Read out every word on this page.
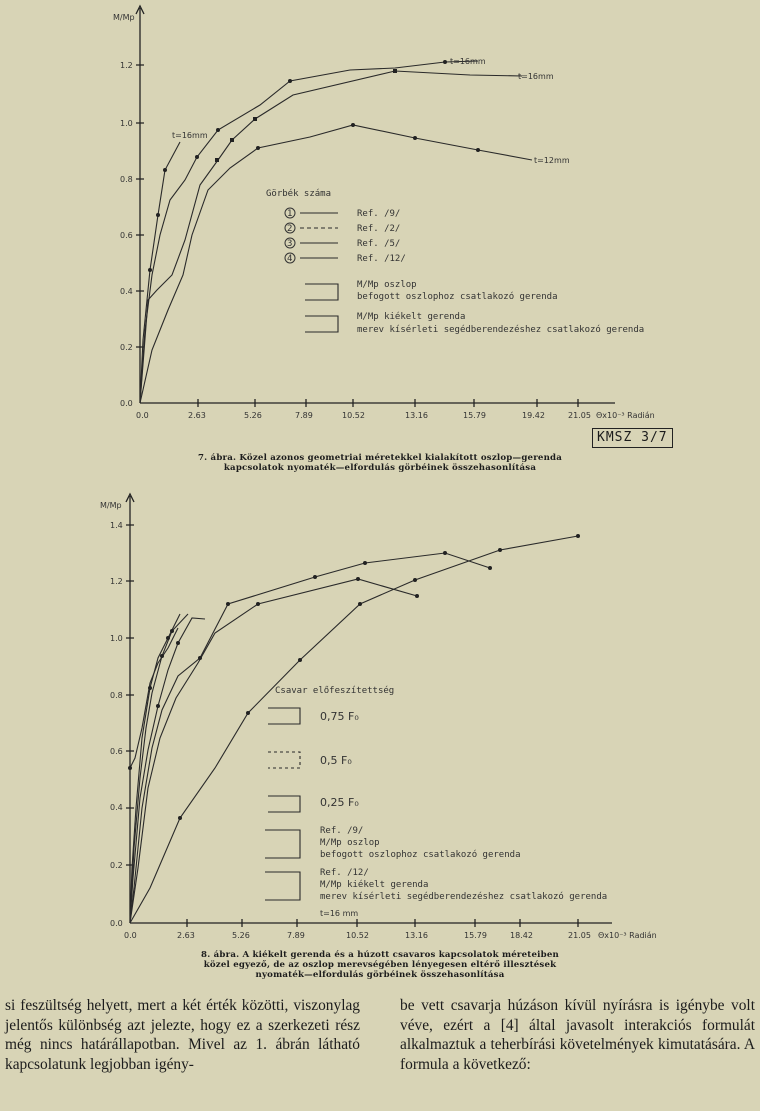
M/Mp
0.0
0.2
0.4
0.6
0.8
1.0
1.2
0.0	2.63	5.26	7.89	10.52	13.16	15.79	19.42	21.05 Θx10⁻³ Radián
t=16mm
t=16mm
t=16mm
t=12mm
Görbék száma
1	Ref. /9/
2	Ref. /2/
3	Ref. /5/
4	Ref. /12/
M/Mp oszlop
befogott oszlophoz csatlakozó gerenda
M/Mp kiékelt gerenda
merev kísérleti segédberendezéshez csatlakozó gerenda
KMSZ 3/7
7. ábra. Közel azonos geometriai méretekkel kialakított oszlop—gerenda kapcsolatok nyomaték—elfordulás görbéinek összehasonlítása
M/Mp
0.0
0.2
0.4
0.6
0.8
1.0
1.2
1.4
0.0	2.63	5.26	7.89	10.52	13.16	15.79	18.42	21.05 Θx10⁻³ Radián
Csavar előfeszítettség
0,75 F₀
0,5 F₀
0,25 F₀
Ref. /9/
M/Mp oszlop
befogott oszlophoz csatlakozó gerenda
Ref. /12/
M/Mp kiékelt gerenda
merev kísérleti segédberendezéshez csatlakozó gerenda
t=16 mm
8. ábra. A kiékelt gerenda és a húzott csavaros kapcsolatok méreteiben közel egyező, de az oszlop merevségében lényegesen eltérő illesztések nyomaték—elfordulás görbéinek összehasonlítása
si feszültség helyett, mert a két érték közötti, viszonylag jelentős különbség azt jelezte, hogy ez a szerkezeti rész még nincs határállapotban. Mivel az 1. ábrán látható kapcsolatunk legjobban igény-
be vett csavarja húzáson kívül nyírásra is igénybe volt véve, ezért a [4] által javasolt interakciós formulát alkalmaztuk a teherbírási követelmények kimutatására. A formula a következő:
